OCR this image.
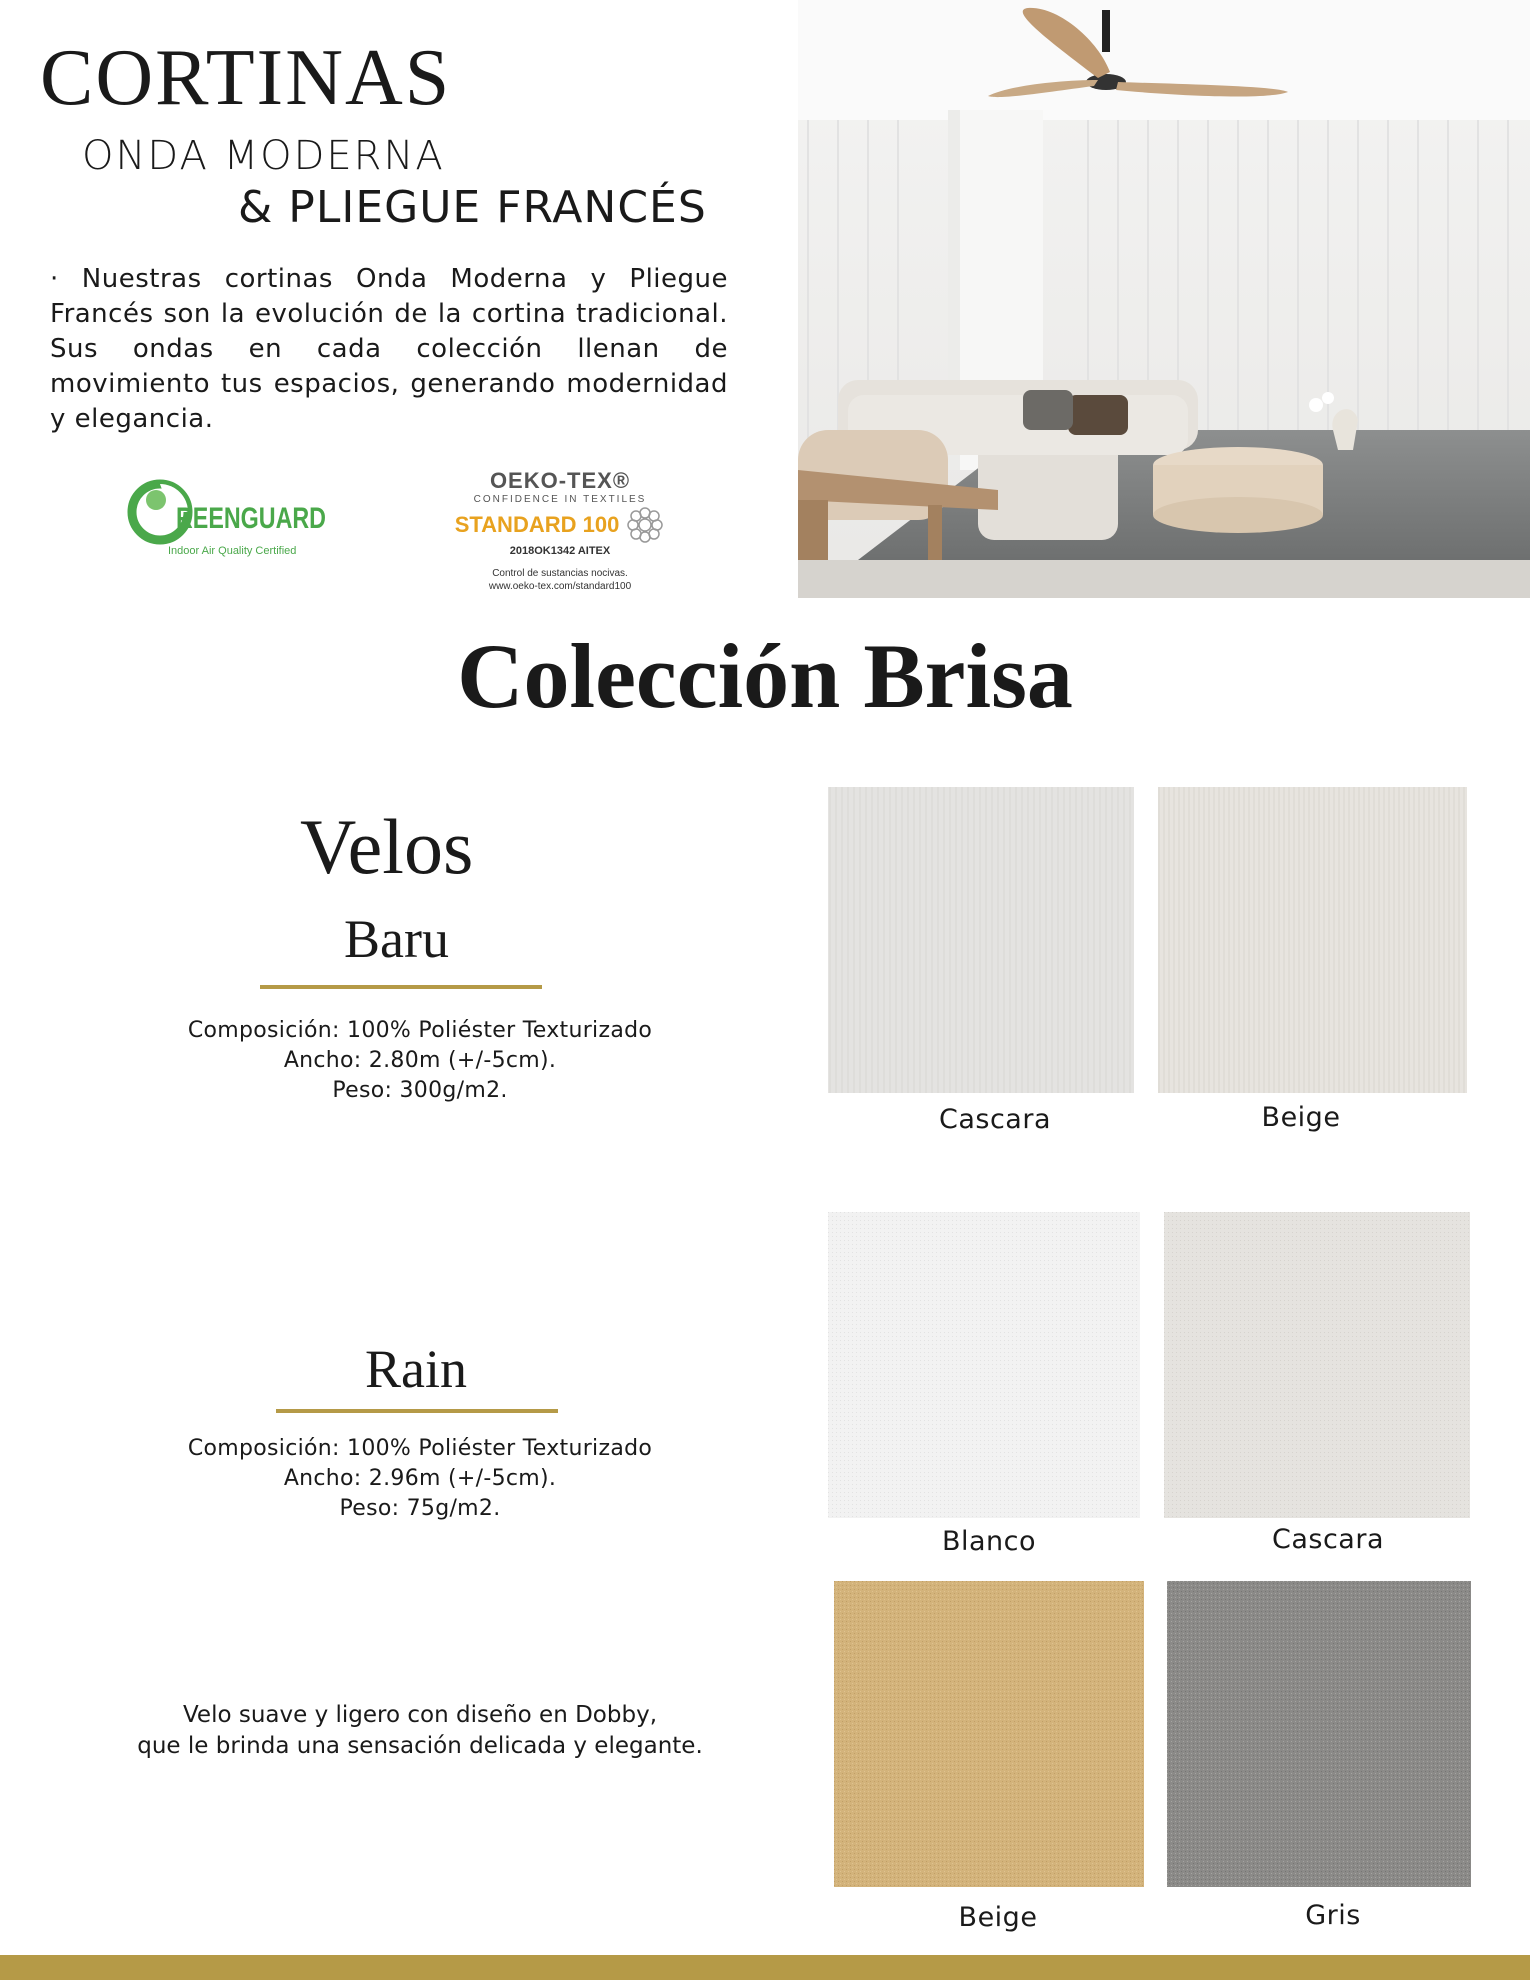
CORTINAS
ONDA MODERNA
& PLIEGUE FRANCÉS
· Nuestras cortinas Onda Moderna y Pliegue Francés son la evolución de la cortina tradicional. Sus ondas en cada colección llenan de movimiento tus espacios, generando modernidad y elegancia.
REENGUARD
Indoor Air Quality Certified
OEKO-TEX®
CONFIDENCE IN TEXTILES
STANDARD 100
2018OK1342 AITEX
Control de sustancias nocivas.
www.oeko-tex.com/standard100
Colección Brisa
Velos
Baru
Composición: 100% Poliéster Texturizado
Ancho: 2.80m (+/-5cm).
Peso: 300g/m2.
Rain
Composición: 100% Poliéster Texturizado
Ancho: 2.96m (+/-5cm).
Peso: 75g/m2.
Velo suave y ligero con diseño en Dobby,
que le brinda una sensación delicada y elegante.
Cascara	Beige
Blanco	Cascara
Beige	Gris
